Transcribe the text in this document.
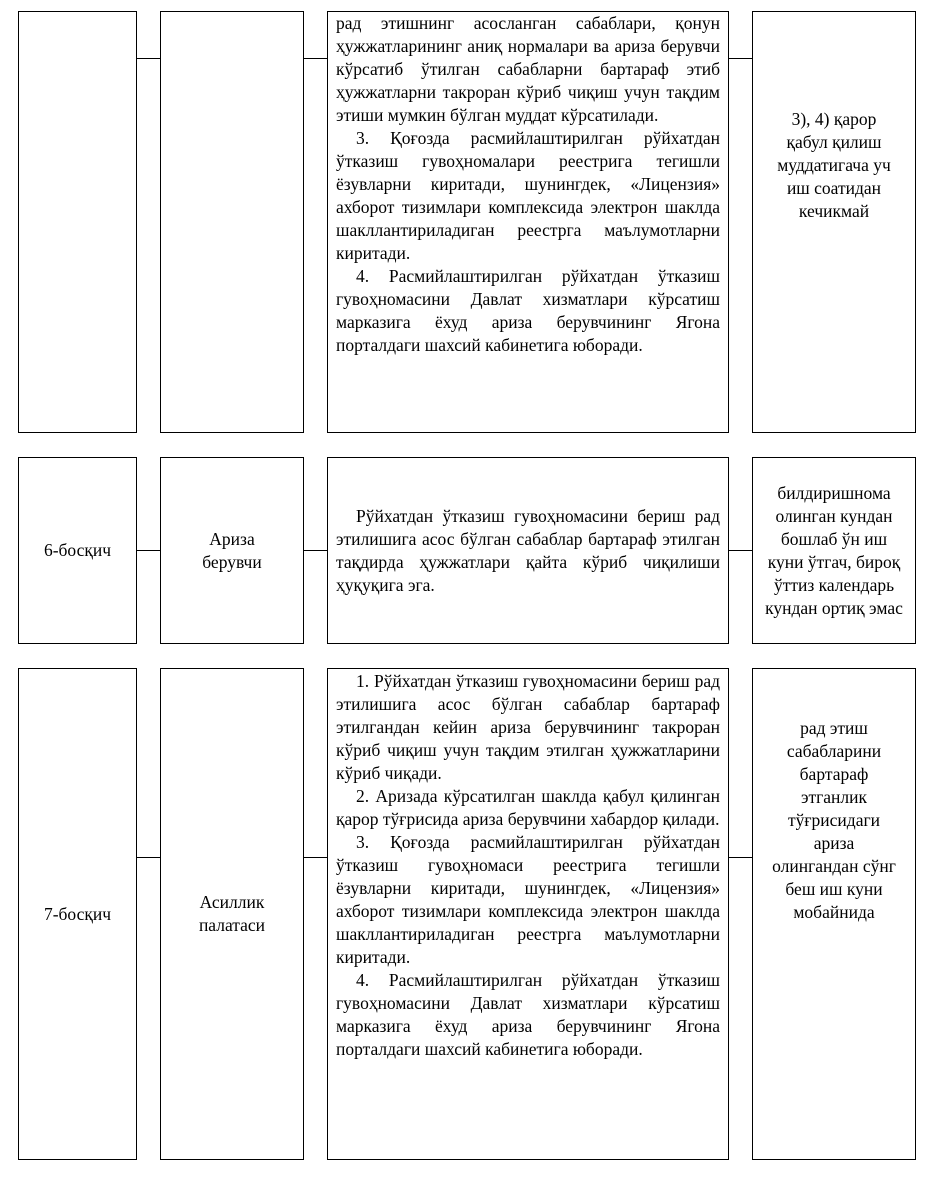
рад этишнинг асосланган сабаблари, қонун ҳужжатларининг аниқ нормалари ва ариза берувчи кўрсатиб ўтилган сабабларни бартараф этиб ҳужжатларни такроран кўриб чиқиш учун тақдим этиши мумкин бўлган муддат кўрсатилади.

3. Қоғозда расмийлаштирилган рўйхатдан ўтказиш гувоҳномалари реестрига тегишли ёзувларни киритади, шунингдек, «Лицензия» ахборот тизимлари комплексида электрон шаклда шакллантириладиган реестрга маълумотларни киритади.

4. Расмийлаштирилган рўйхатдан ўтказиш гувоҳномасини Давлат хизматлари кўрсатиш марказига ёхуд ариза берувчининг Ягона порталдаги шахсий кабинетига юборади.

3), 4) қарор қабул қилиш муддатигача уч иш соатидан кечикмай
6-босқич
Ариза берувчи

Рўйхатдан ўтказиш гувоҳномасини бериш рад этилишига асос бўлган сабаблар бартараф этилган тақдирда ҳужжатлари қайта кўриб чиқилиши ҳуқуқига эга.

билдиришнома олинган кундан бошлаб ўн иш куни ўтгач, бироқ ўттиз календарь кундан ортиқ эмас
7-босқич
Асиллик палатаси

1. Рўйхатдан ўтказиш гувоҳномасини бериш рад этилишига асос бўлган сабаблар бартараф этилгандан кейин ариза берувчининг такроран кўриб чиқиш учун тақдим этилган ҳужжатларини кўриб чиқади.

2. Аризада кўрсатилган шаклда қабул қилинган қарор тўғрисида ариза берувчини хабардор қилади.

3. Қоғозда расмийлаштирилган рўйхатдан ўтказиш гувоҳномаси реестрига тегишли ёзувларни киритади, шунингдек, «Лицензия» ахборот тизимлари комплексида электрон шаклда шакллантириладиган реестрга маълумотларни киритади.

4. Расмийлаштирилган рўйхатдан ўтказиш гувоҳномасини Давлат хизматлари кўрсатиш марказига ёхуд ариза берувчининг Ягона порталдаги шахсий кабинетига юборади.

рад этиш сабабларини бартараф этганлик тўғрисидаги ариза олингандан сўнг беш иш куни мобайнида
